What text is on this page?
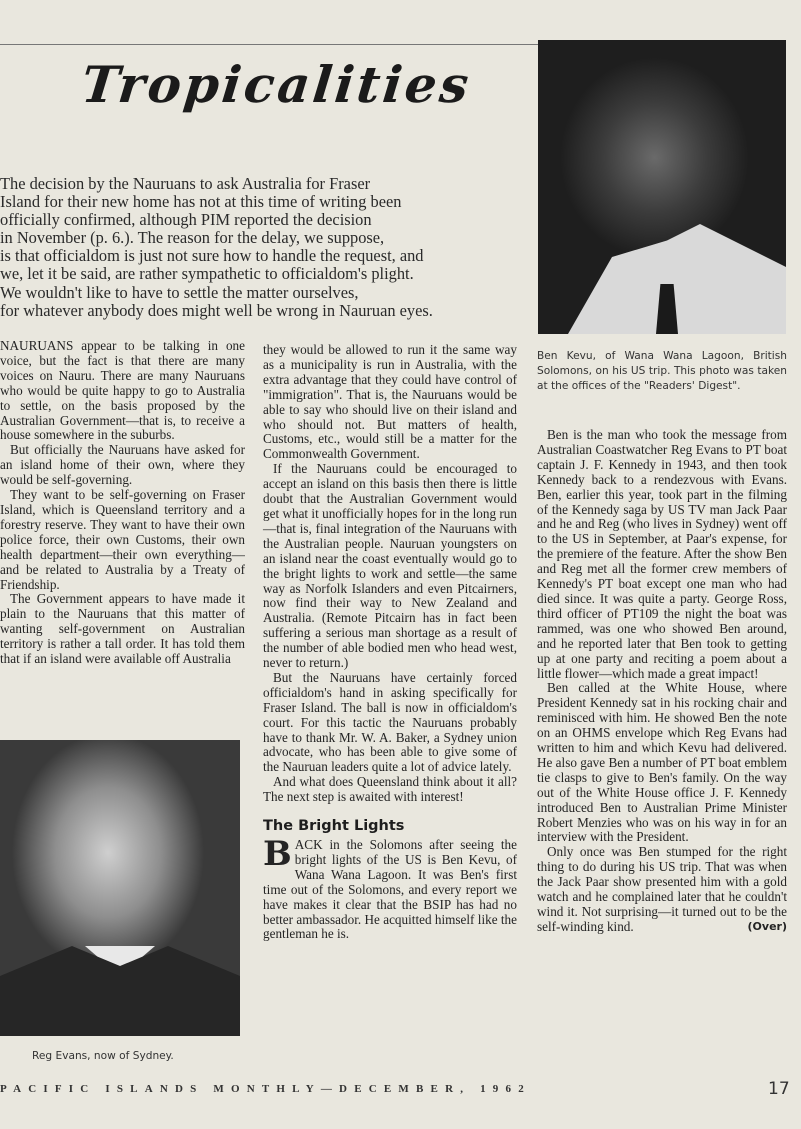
Tropicalities

The decision by the Nauruans to ask Australia for Fraser

Island for their new home has not at this time of writing been

officially confirmed, although PIM reported the decision

in November (p. 6.). The reason for the delay, we suppose,

is that officialdom is just not sure how to handle the request, and

we, let it be said, are rather sympathetic to officialdom's plight.

We wouldn't like to have to settle the matter ourselves,

for whatever anybody does might well be wrong in Nauruan eyes.

Ben Kevu, of Wana Wana Lagoon, British Solomons, on his US trip. This photo was taken at the offices of the "Readers' Digest".

NAURUANS appear to be talking in one voice, but the fact is that there are many voices on Nauru. There are many Nauruans who would be quite happy to go to Australia to settle, on the basis proposed by the Australian Government—that is, to receive a house somewhere in the suburbs.

But officially the Nauruans have asked for an island home of their own, where they would be self-governing.

They want to be self-governing on Fraser Island, which is Queensland territory and a forestry reserve. They want to have their own police force, their own Customs, their own health department—their own everything—and be related to Australia by a Treaty of Friendship.

The Government appears to have made it plain to the Nauruans that this matter of wanting self-government on Australian territory is rather a tall order. It has told them that if an island were available off Australia

Reg Evans, now of Sydney.

they would be allowed to run it the same way as a municipality is run in Australia, with the extra advantage that they could have control of "immigration". That is, the Nauruans would be able to say who should live on their island and who should not. But matters of health, Customs, etc., would still be a matter for the Commonwealth Government.

If the Nauruans could be encouraged to accept an island on this basis then there is little doubt that the Australian Government would get what it unofficially hopes for in the long run—that is, final integration of the Nauruans with the Australian people. Nauruan youngsters on an island near the coast eventually would go to the bright lights to work and settle—the same way as Norfolk Islanders and even Pitcairners, now find their way to New Zealand and Australia. (Remote Pitcairn has in fact been suffering a serious man shortage as a result of the number of able bodied men who head west, never to return.)

But the Nauruans have certainly forced officialdom's hand in asking specifically for Fraser Island. The ball is now in officialdom's court. For this tactic the Nauruans probably have to thank Mr. W. A. Baker, a Sydney union advocate, who has been able to give some of the Nauruan leaders quite a lot of advice lately.

And what does Queensland think about it all? The next step is awaited with interest!

The Bright Lights

BACK in the Solomons after seeing the bright lights of the US is Ben Kevu, of Wana Wana Lagoon. It was Ben's first time out of the Solomons, and every report we have makes it clear that the BSIP has had no better ambassador. He acquitted himself like the gentleman he is.

Ben is the man who took the message from Australian Coastwatcher Reg Evans to PT boat captain J. F. Kennedy in 1943, and then took Kennedy back to a rendezvous with Evans. Ben, earlier this year, took part in the filming of the Kennedy saga by US TV man Jack Paar and he and Reg (who lives in Sydney) went off to the US in September, at Paar's expense, for the premiere of the feature. After the show Ben and Reg met all the former crew members of Kennedy's PT boat except one man who had died since. It was quite a party. George Ross, third officer of PT109 the night the boat was rammed, was one who showed Ben around, and he reported later that Ben took to getting up at one party and reciting a poem about a little flower—which made a great impact!

Ben called at the White House, where President Kennedy sat in his rocking chair and reminisced with him. He showed Ben the note on an OHMS envelope which Reg Evans had written to him and which Kevu had delivered. He also gave Ben a number of PT boat emblem tie clasps to give to Ben's family. On the way out of the White House office J. F. Kennedy introduced Ben to Australian Prime Minister Robert Menzies who was on his way in for an interview with the President.

Only once was Ben stumped for the right thing to do during his US trip. That was when the Jack Paar show presented him with a gold watch and he complained later that he couldn't wind it. Not surprising—it turned out to be the self-winding kind.	(Over)

PACIFIC ISLANDS MONTHLY—DECEMBER, 1962	17
